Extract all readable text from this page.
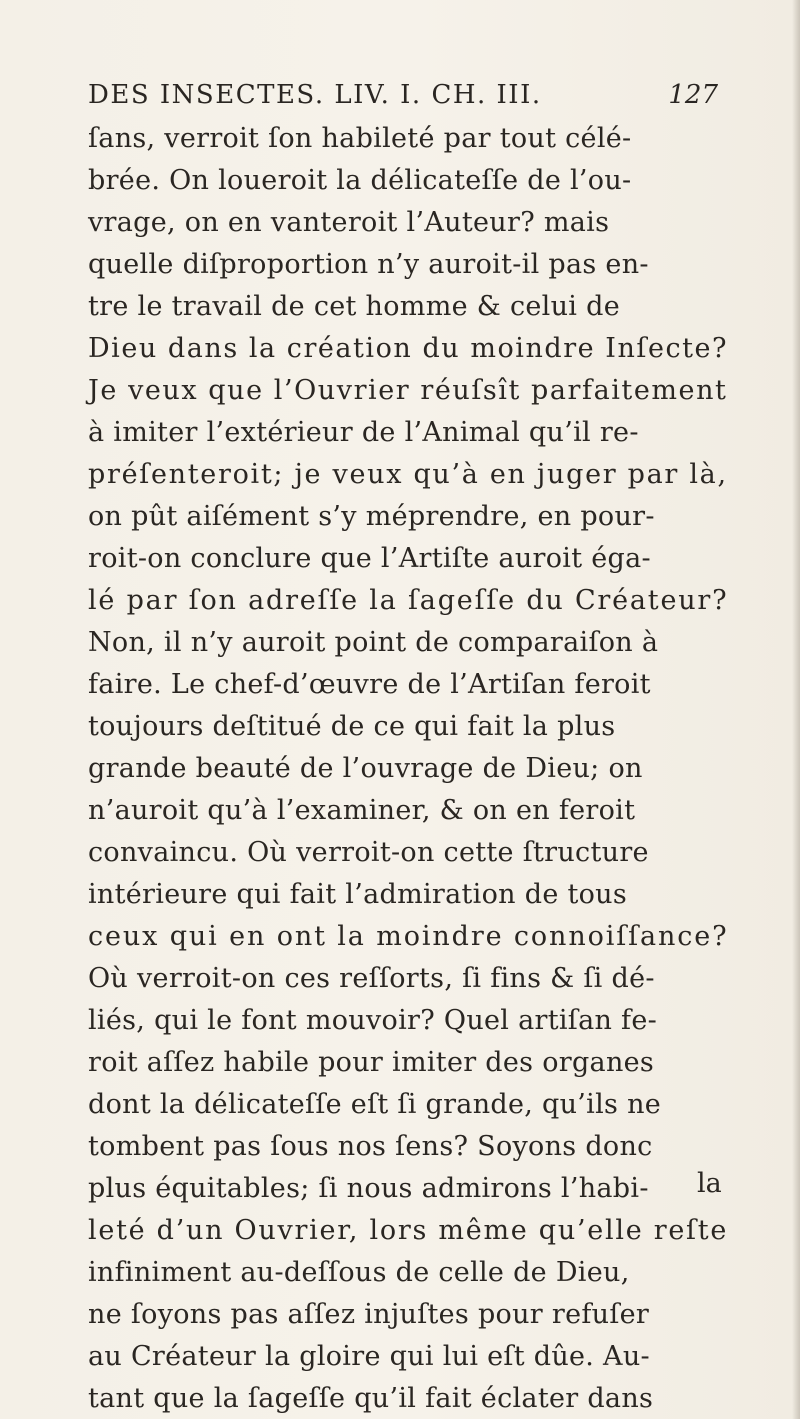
DES INSECTES. LIV. I. CH. III.	127
ſans, verroit ſon habileté par tout célé-
brée. On loueroit la délicateſſe de l’ou-
vrage, on en vanteroit l’Auteur? mais
quelle diſproportion n’y auroit-il pas en-
tre le travail de cet homme & celui de
Dieu dans la création du moindre Inſecte?
Je veux que l’Ouvrier réuſsît parfaitement
à imiter l’extérieur de l’Animal qu’il re-
préſenteroit; je veux qu’à en juger par là,
on pût aiſément s’y méprendre, en pour-
roit-on conclure que l’Artiſte auroit éga-
lé par ſon adreſſe la ſageſſe du Créateur?
Non, il n’y auroit point de comparaiſon à
faire. Le chef-d’œuvre de l’Artiſan feroit
toujours deſtitué de ce qui fait la plus
grande beauté de l’ouvrage de Dieu; on
n’auroit qu’à l’examiner, & on en feroit
convaincu. Où verroit-on cette ſtructure
intérieure qui fait l’admiration de tous
ceux qui en ont la moindre connoiſſance?
Où verroit-on ces reſſorts, ſi fins & ſi dé-
liés, qui le font mouvoir? Quel artiſan fe-
roit aſſez habile pour imiter des organes
dont la délicateſſe eſt ſi grande, qu’ils ne
tombent pas ſous nos ſens? Soyons donc
plus équitables; ſi nous admirons l’habi-
leté d’un Ouvrier, lors même qu’elle reſte
infiniment au-deſſous de celle de Dieu,
ne ſoyons pas aſſez injuſtes pour refuſer
au Créateur la gloire qui lui eſt dûe. Au-
tant que la ſageſſe qu’il fait éclater dans
la
